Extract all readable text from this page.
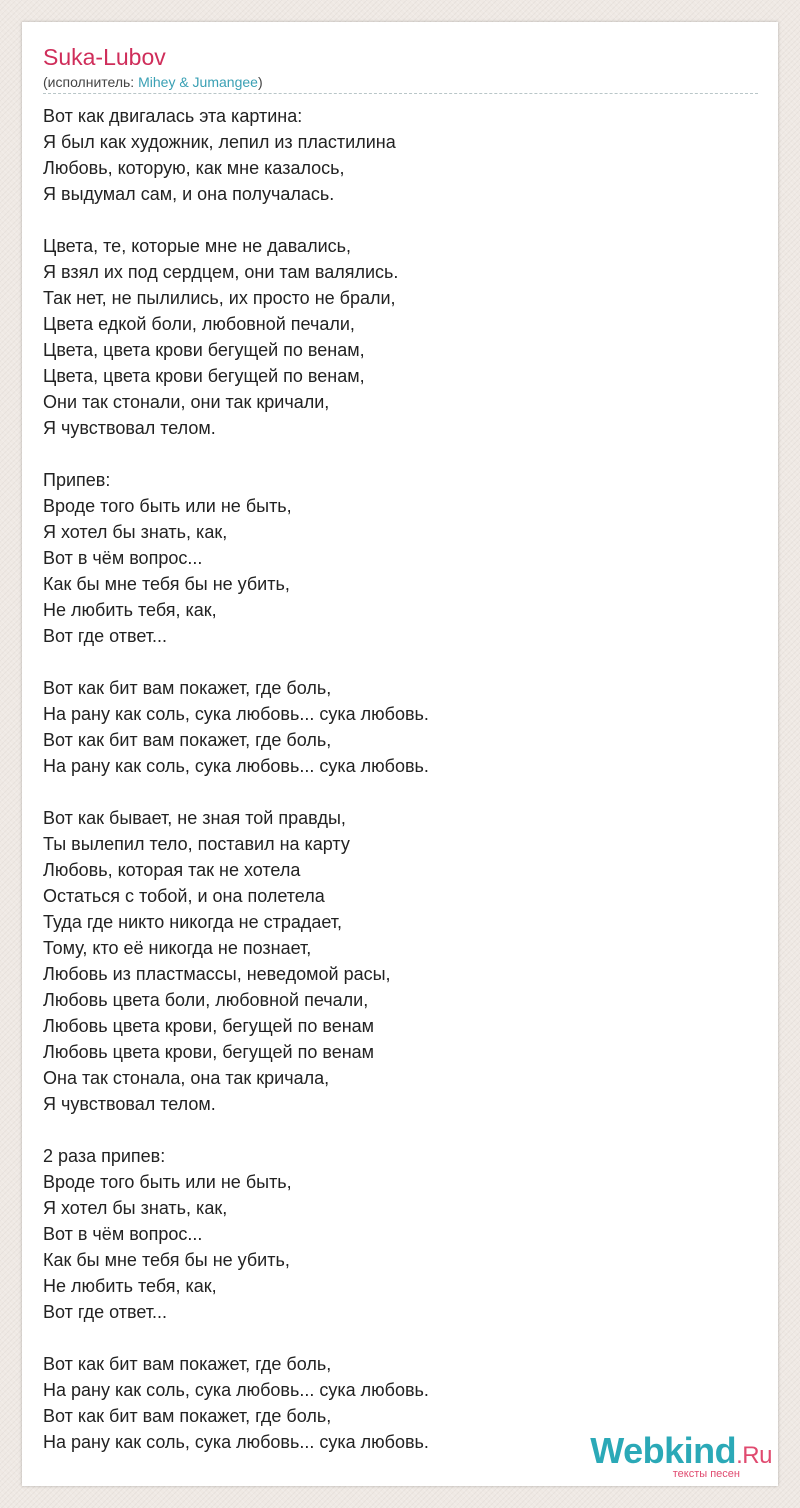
Suka-Lubov
(исполнитель: Mihey & Jumangee)
Вот как двигалась эта картина:
Я был как художник, лепил из пластилина
Любовь, которую, как мне казалось,
Я выдумал сам, и она получалась.
Цвета, те, которые мне не давались,
Я взял их под сердцем, они там валялись.
Так нет, не пылились, их просто не брали,
Цвета едкой боли, любовной печали,
Цвета, цвета крови бегущей по венам,
Цвета, цвета крови бегущей по венам,
Они так стонали, они так кричали,
Я чувствовал телом.
Припев:
Вроде того быть или не быть,
Я хотел бы знать, как,
Вот в чём вопрос...
Как бы мне тебя бы не убить,
Не любить тебя, как,
Вот где ответ...
Вот как бит вам покажет, где боль,
На рану как соль, сука любовь... сука любовь.
Вот как бит вам покажет, где боль,
На рану как соль, сука любовь... сука любовь.
Вот как бывает, не зная той правды,
Ты вылепил тело, поставил на карту
Любовь, которая так не хотела
Остаться с тобой, и она полетела
Туда где никто никогда не страдает,
Тому, кто её никогда не познает,
Любовь из пластмассы, неведомой расы,
Любовь цвета боли, любовной печали,
Любовь цвета крови, бегущей по венам
Любовь цвета крови, бегущей по венам
Она так стонала, она так кричала,
Я чувствовал телом.
2 раза припев:
Вроде того быть или не быть,
Я хотел бы знать, как,
Вот в чём вопрос...
Как бы мне тебя бы не убить,
Не любить тебя, как,
Вот где ответ...
Вот как бит вам покажет, где боль,
На рану как соль, сука любовь... сука любовь.
Вот как бит вам покажет, где боль,
На рану как соль, сука любовь... сука любовь.	Webkind.Ru
тексты песен
